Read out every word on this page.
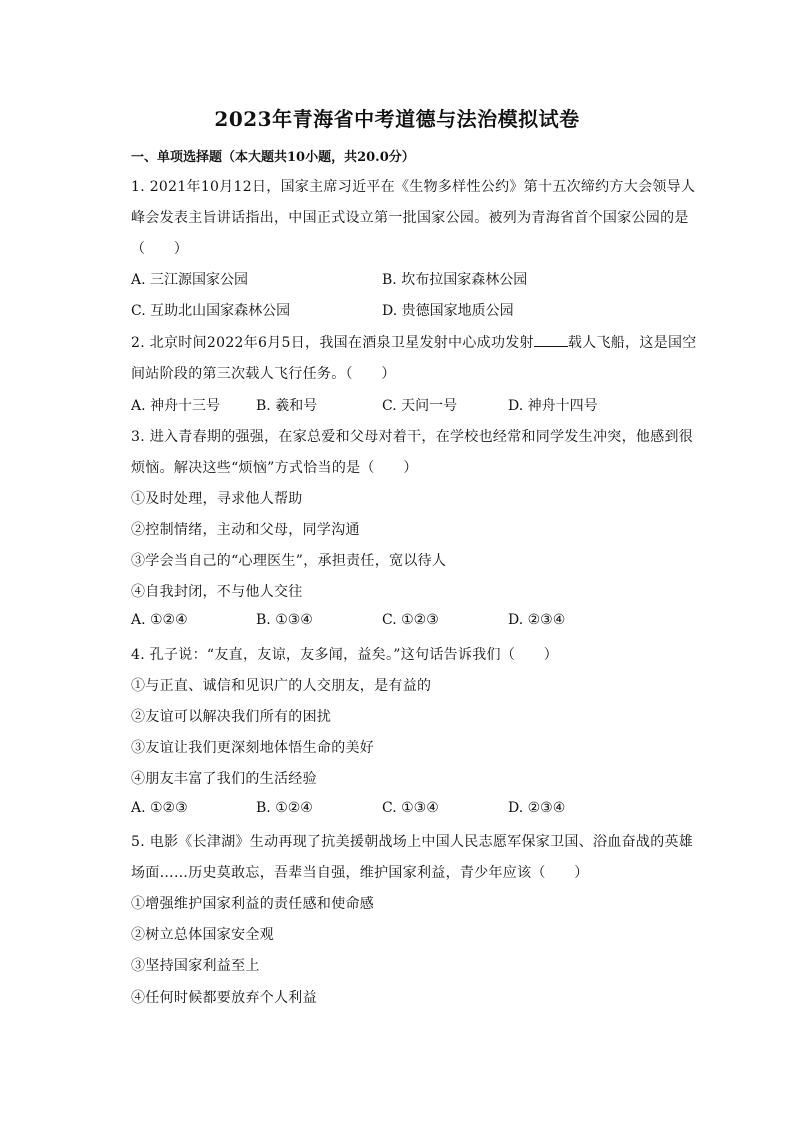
2023年青海省中考道德与法治模拟试卷
一、单项选择题（本大题共10小题，共20.0分）
1. 2021年10月12日，国家主席习近平在《生物多样性公约》第十五次缔约方大会领导人
峰会发表主旨讲话指出，中国正式设立第一批国家公园。被列为青海省首个国家公园的是
（　　）
A. 三江源国家公园	B. 坎布拉国家森林公园
C. 互助北山国家森林公园	D. 贵德国家地质公园
2. 北京时间2022年6月5日，我国在酒泉卫星发射中心成功发射 载人飞船，这是国空
间站阶段的第三次载人飞行任务。（　　）
A. 神舟十三号	B. 羲和号	C. 天问一号	D. 神舟十四号
3. 进入青春期的强强，在家总爱和父母对着干，在学校也经常和同学发生冲突，他感到很
烦恼。解决这些“烦恼”方式恰当的是（　　）
①及时处理，寻求他人帮助
②控制情绪，主动和父母，同学沟通
③学会当自己的“心理医生”，承担责任，宽以待人
④自我封闭，不与他人交往
A. ①②④	B. ①③④	C. ①②③	D. ②③④
4. 孔子说：“友直，友谅，友多闻，益矣。”这句话告诉我们（　　）
①与正直、诚信和见识广的人交朋友，是有益的
②友谊可以解决我们所有的困扰
③友谊让我们更深刻地体悟生命的美好
④朋友丰富了我们的生活经验
A. ①②③	B. ①②④	C. ①③④	D. ②③④
5. 电影《长津湖》生动再现了抗美援朝战场上中国人民志愿军保家卫国、浴血奋战的英雄
场面……历史莫敢忘，吾辈当自强，维护国家利益，青少年应该（　　）
①增强维护国家利益的责任感和使命感
②树立总体国家安全观
③坚持国家利益至上
④任何时候都要放弃个人利益
